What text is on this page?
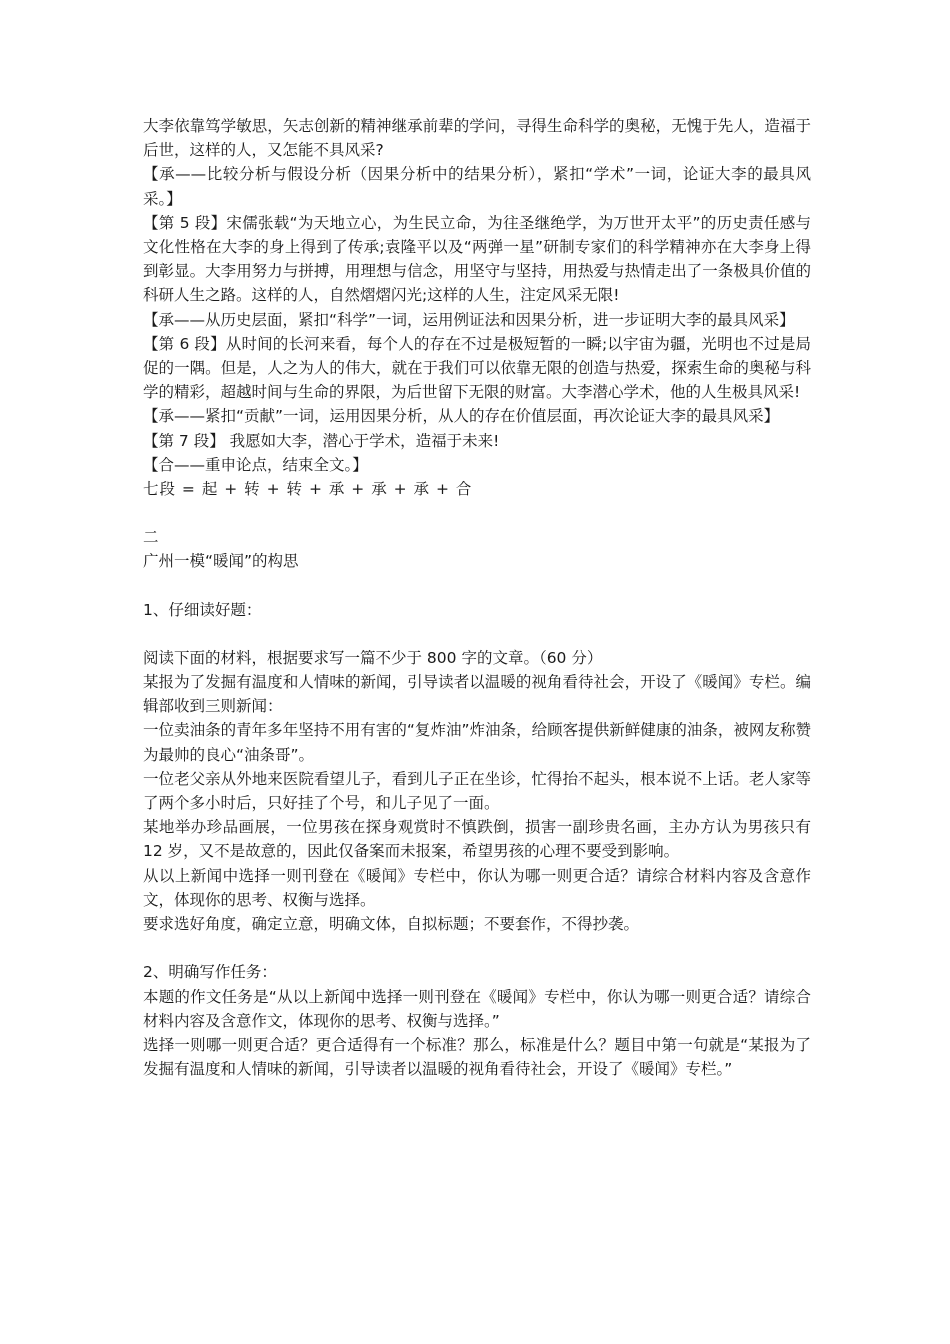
大李依靠笃学敏思，矢志创新的精神继承前辈的学问，寻得生命科学的奥秘，无愧于先人，造福于后世，这样的人，又怎能不具风采?

【承——比较分析与假设分析（因果分析中的结果分析），紧扣“学术”一词，论证大李的最具风采。】

【第 5 段】宋儒张载“为天地立心，为生民立命，为往圣继绝学，为万世开太平”的历史责任感与文化性格在大李的身上得到了传承;袁隆平以及“两弹一星”研制专家们的科学精神亦在大李身上得到彰显。大李用努力与拼搏，用理想与信念，用坚守与坚持，用热爱与热情走出了一条极具价值的科研人生之路。这样的人，自然熠熠闪光;这样的人生，注定风采无限!

【承——从历史层面，紧扣“科学”一词，运用例证法和因果分析，进一步证明大李的最具风采】

【第 6 段】从时间的长河来看，每个人的存在不过是极短暂的一瞬;以宇宙为疆，光明也不过是局促的一隅。但是，人之为人的伟大，就在于我们可以依靠无限的创造与热爱，探索生命的奥秘与科学的精彩，超越时间与生命的界限，为后世留下无限的财富。大李潜心学术，他的人生极具风采!

【承——紧扣“贡献”一词，运用因果分析，从人的存在价值层面，再次论证大李的最具风采】

【第 7 段】 我愿如大李，潜心于学术，造福于未来!

【合——重申论点，结束全文。】

七段 = 起 + 转 + 转 + 承 + 承 + 承 + 合

二

广州一模“暖闻”的构思

1、仔细读好题：

阅读下面的材料，根据要求写一篇不少于 800 字的文章。（60 分）

某报为了发掘有温度和人情味的新闻，引导读者以温暖的视角看待社会，开设了《暖闻》专栏。编辑部收到三则新闻：

一位卖油条的青年多年坚持不用有害的“复炸油”炸油条，给顾客提供新鲜健康的油条，被网友称赞为最帅的良心“油条哥”。

一位老父亲从外地来医院看望儿子，看到儿子正在坐诊，忙得抬不起头，根本说不上话。老人家等了两个多小时后，只好挂了个号，和儿子见了一面。

某地举办珍品画展，一位男孩在探身观赏时不慎跌倒，损害一副珍贵名画，主办方认为男孩只有 12 岁，又不是故意的，因此仅备案而未报案，希望男孩的心理不要受到影响。

从以上新闻中选择一则刊登在《暖闻》专栏中，你认为哪一则更合适？请综合材料内容及含意作文，体现你的思考、权衡与选择。

要求选好角度，确定立意，明确文体，自拟标题；不要套作，不得抄袭。

2、明确写作任务：

本题的作文任务是“从以上新闻中选择一则刊登在《暖闻》专栏中，你认为哪一则更合适？请综合材料内容及含意作文，体现你的思考、权衡与选择。”

选择一则哪一则更合适？更合适得有一个标准？那么，标准是什么？题目中第一句就是“某报为了发掘有温度和人情味的新闻，引导读者以温暖的视角看待社会，开设了《暖闻》专栏。”
